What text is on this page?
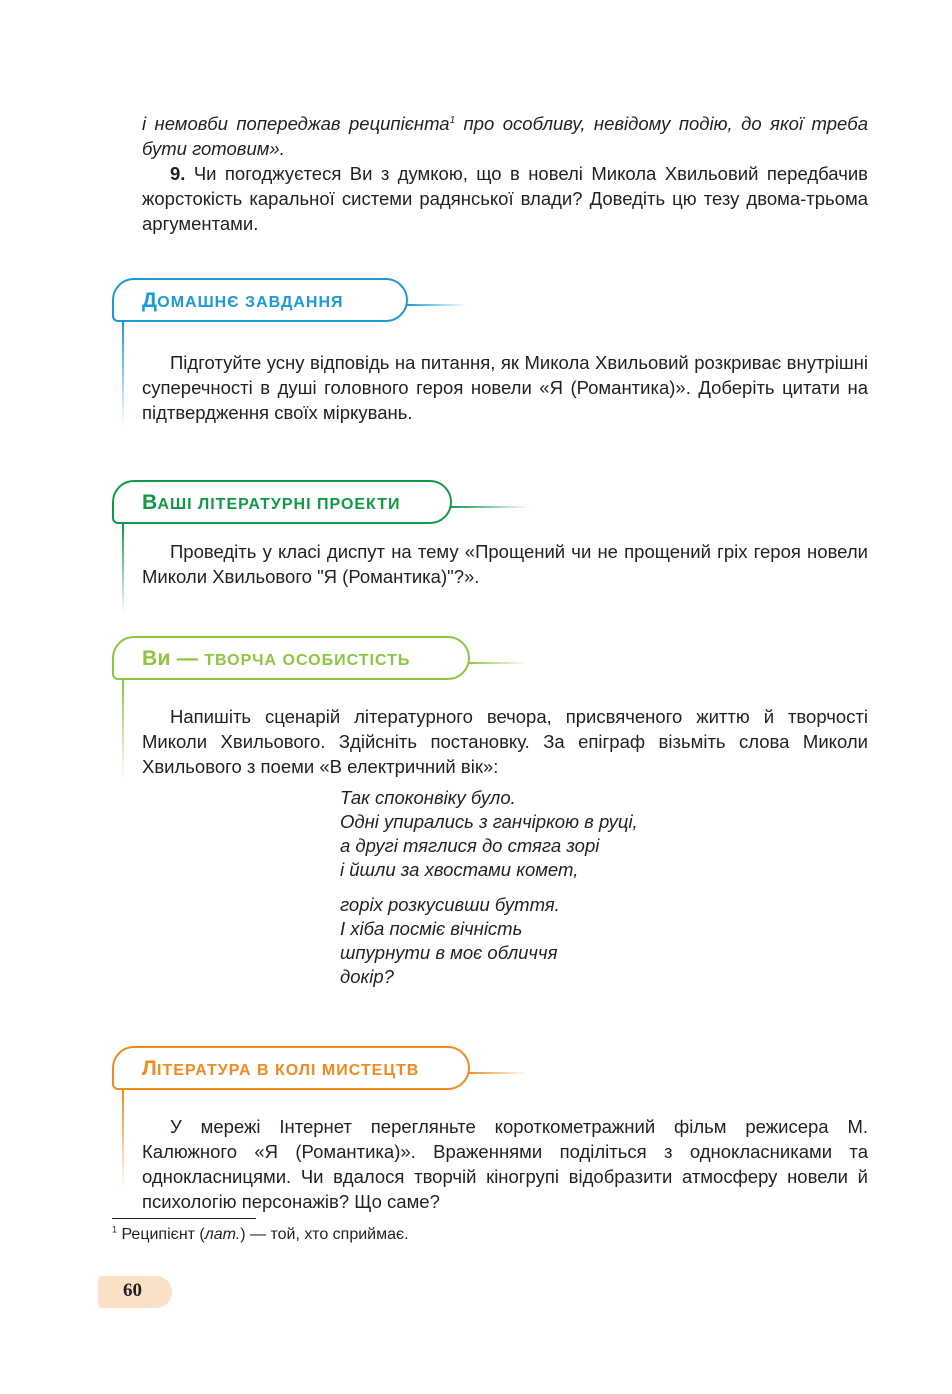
і немовби попереджав реципієнта$^1$ про особливу, невідому подію, до якої треба бути готовим».

9. Чи погоджуєтеся Ви з думкою, що в новелі Микола Хвильовий передбачив жорстокість каральної системи радянської влади? Доведіть цю тезу двома-трьома аргументами.

ДОМАШНЄ ЗАВДАННЯ

Підготуйте усну відповідь на питання, як Микола Хвильовий розкриває внутрішні суперечності в душі головного героя новели «Я (Романтика)». Доберіть цитати на підтвердження своїх міркувань.

ВАШІ ЛІТЕРАТУРНІ ПРОЕКТИ

Проведіть у класі диспут на тему «Прощений чи не прощений гріх героя новели Миколи Хвильового "Я (Романтика)"?».

Ви — ТВОРЧА ОСОБИСТІСТЬ

Напишіть сценарій літературного вечора, присвяченого життю й творчості Миколи Хвильового. Здійсніть постановку. За епіграф візьміть слова Миколи Хвильового з поеми «В електричний вік»:

Так споконвіку було.
Одні упирались з ганчіркою в руці,
а другі тяглися до стяга зорі
і йшли за хвостами комет,
горіх розкусивши буття.
І хіба посміє вічність
шпурнути в моє обличчя
докір?
ЛІТЕРАТУРА В КОЛІ МИСТЕЦТВ

У мережі Інтернет перегляньте короткометражний фільм режисера М. Калюжного «Я (Романтика)». Враженнями поділіться з однокласниками та однокласницями. Чи вдалося творчій кіногрупі відобразити атмосферу новели й психологію персонажів? Що саме?

$^1$ Реципієнт (лат.) — той, хто сприймає.
60
